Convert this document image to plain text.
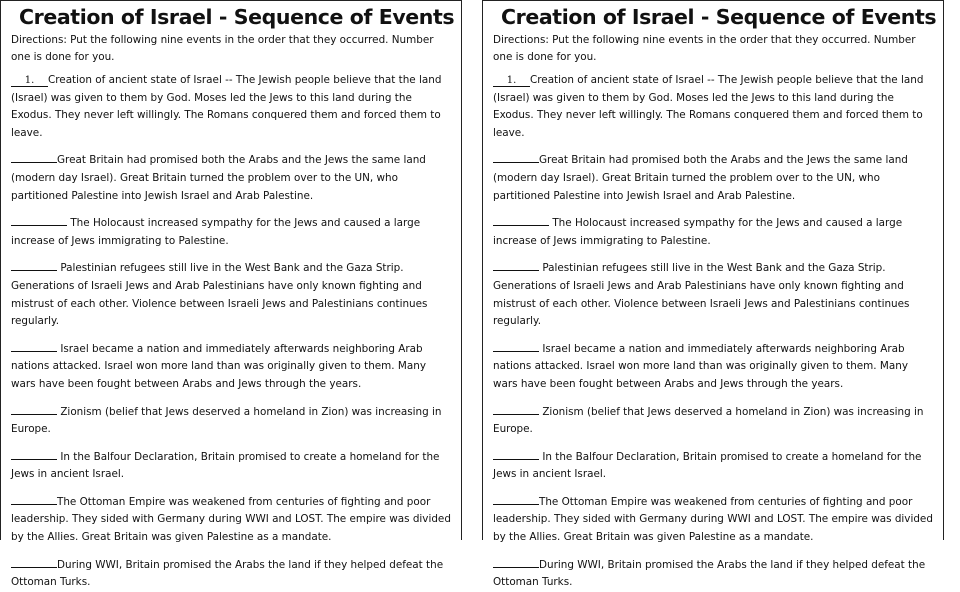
Creation of Israel - Sequence of Events
Directions: Put the following nine events in the order that they occurred. Number one is done for you.
1. Creation of ancient state of Israel -- The Jewish people believe that the land (Israel) was given to them by God. Moses led the Jews to this land during the Exodus. They never left willingly. The Romans conquered them and forced them to leave.
Great Britain had promised both the Arabs and the Jews the same land (modern day Israel). Great Britain turned the problem over to the UN, who partitioned Palestine into Jewish Israel and Arab Palestine.
The Holocaust increased sympathy for the Jews and caused a large increase of Jews immigrating to Palestine.
Palestinian refugees still live in the West Bank and the Gaza Strip. Generations of Israeli Jews and Arab Palestinians have only known fighting and mistrust of each other. Violence between Israeli Jews and Palestinians continues regularly.
Israel became a nation and immediately afterwards neighboring Arab nations attacked. Israel won more land than was originally given to them. Many wars have been fought between Arabs and Jews through the years.
Zionism (belief that Jews deserved a homeland in Zion) was increasing in Europe.
In the Balfour Declaration, Britain promised to create a homeland for the Jews in ancient Israel.
The Ottoman Empire was weakened from centuries of fighting and poor leadership. They sided with Germany during WWI and LOST. The empire was divided by the Allies. Great Britain was given Palestine as a mandate.
During WWI, Britain promised the Arabs the land if they helped defeat the Ottoman Turks.
Creation of Israel - Sequence of Events
Directions: Put the following nine events in the order that they occurred. Number one is done for you.
1. Creation of ancient state of Israel -- The Jewish people believe that the land (Israel) was given to them by God. Moses led the Jews to this land during the Exodus. They never left willingly. The Romans conquered them and forced them to leave.
Great Britain had promised both the Arabs and the Jews the same land (modern day Israel). Great Britain turned the problem over to the UN, who partitioned Palestine into Jewish Israel and Arab Palestine.
The Holocaust increased sympathy for the Jews and caused a large increase of Jews immigrating to Palestine.
Palestinian refugees still live in the West Bank and the Gaza Strip. Generations of Israeli Jews and Arab Palestinians have only known fighting and mistrust of each other. Violence between Israeli Jews and Palestinians continues regularly.
Israel became a nation and immediately afterwards neighboring Arab nations attacked. Israel won more land than was originally given to them. Many wars have been fought between Arabs and Jews through the years.
Zionism (belief that Jews deserved a homeland in Zion) was increasing in Europe.
In the Balfour Declaration, Britain promised to create a homeland for the Jews in ancient Israel.
The Ottoman Empire was weakened from centuries of fighting and poor leadership. They sided with Germany during WWI and LOST. The empire was divided by the Allies. Great Britain was given Palestine as a mandate.
During WWI, Britain promised the Arabs the land if they helped defeat the Ottoman Turks.
